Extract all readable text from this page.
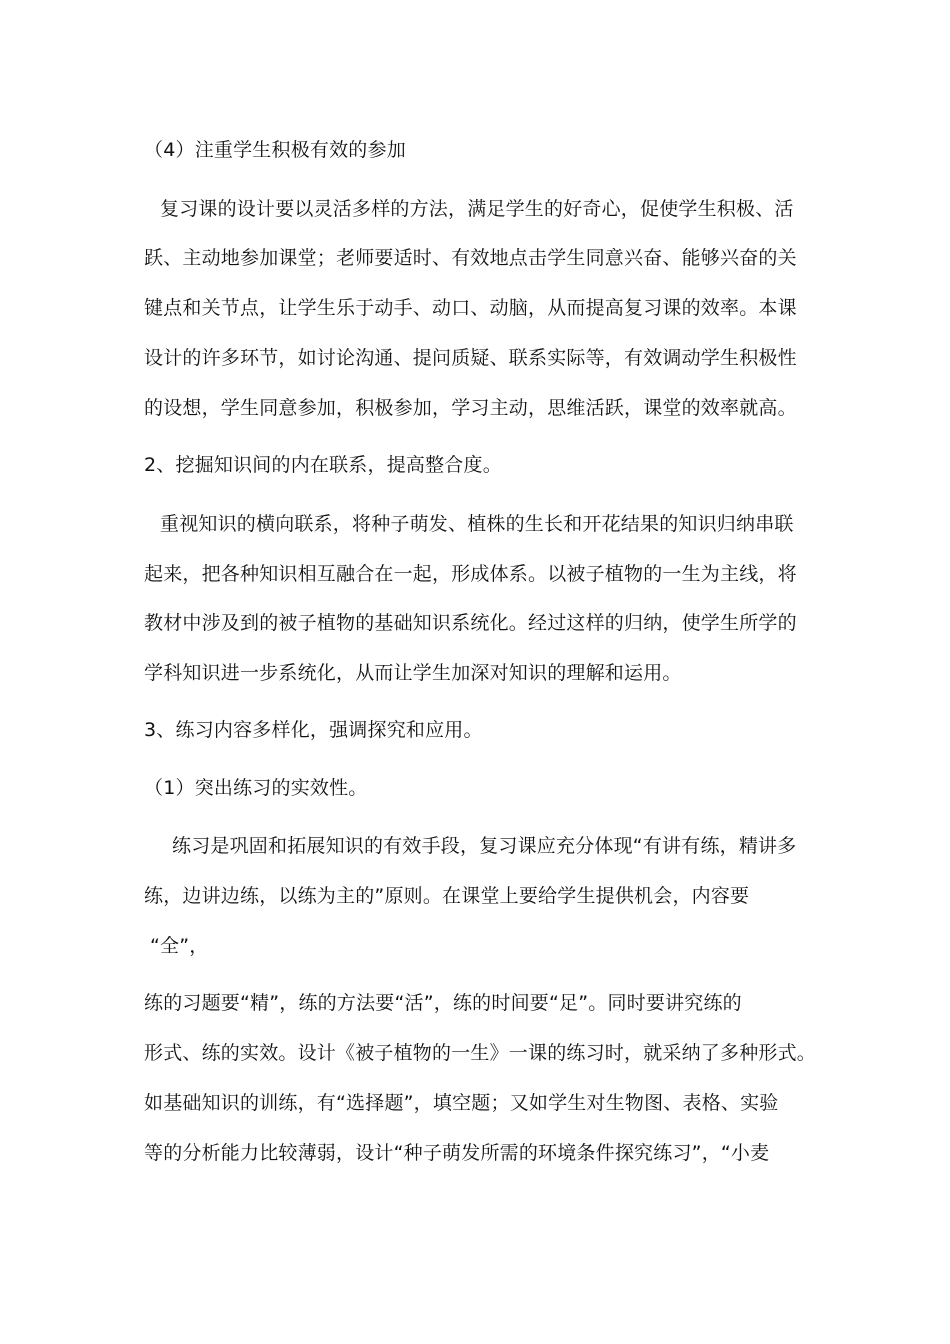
（4）注重学生积极有效的参加
复习课的设计要以灵活多样的方法，满足学生的好奇心，促使学生积极、活
跃、主动地参加课堂；老师要适时、有效地点击学生同意兴奋、能够兴奋的关
键点和关节点，让学生乐于动手、动口、动脑，从而提高复习课的效率。本课
设计的许多环节，如讨论沟通、提问质疑、联系实际等，有效调动学生积极性
的设想，学生同意参加，积极参加，学习主动，思维活跃，课堂的效率就高。
2、挖掘知识间的内在联系，提高整合度。
重视知识的横向联系，将种子萌发、植株的生长和开花结果的知识归纳串联
起来，把各种知识相互融合在一起，形成体系。以被子植物的一生为主线，将
教材中涉及到的被子植物的基础知识系统化。经过这样的归纳，使学生所学的
学科知识进一步系统化，从而让学生加深对知识的理解和运用。
3、练习内容多样化，强调探究和应用。
（1）突出练习的实效性。
练习是巩固和拓展知识的有效手段，复习课应充分体现“有讲有练，精讲多
练，边讲边练，以练为主的”原则。在课堂上要给学生提供机会，内容要
“全”，
练的习题要“精”，练的方法要“活”，练的时间要“足”。同时要讲究练的
形式、练的实效。设计《被子植物的一生》一课的练习时，就采纳了多种形式。
如基础知识的训练，有“选择题”，填空题；又如学生对生物图、表格、实验
等的分析能力比较薄弱，设计“种子萌发所需的环境条件探究练习”，“小麦
